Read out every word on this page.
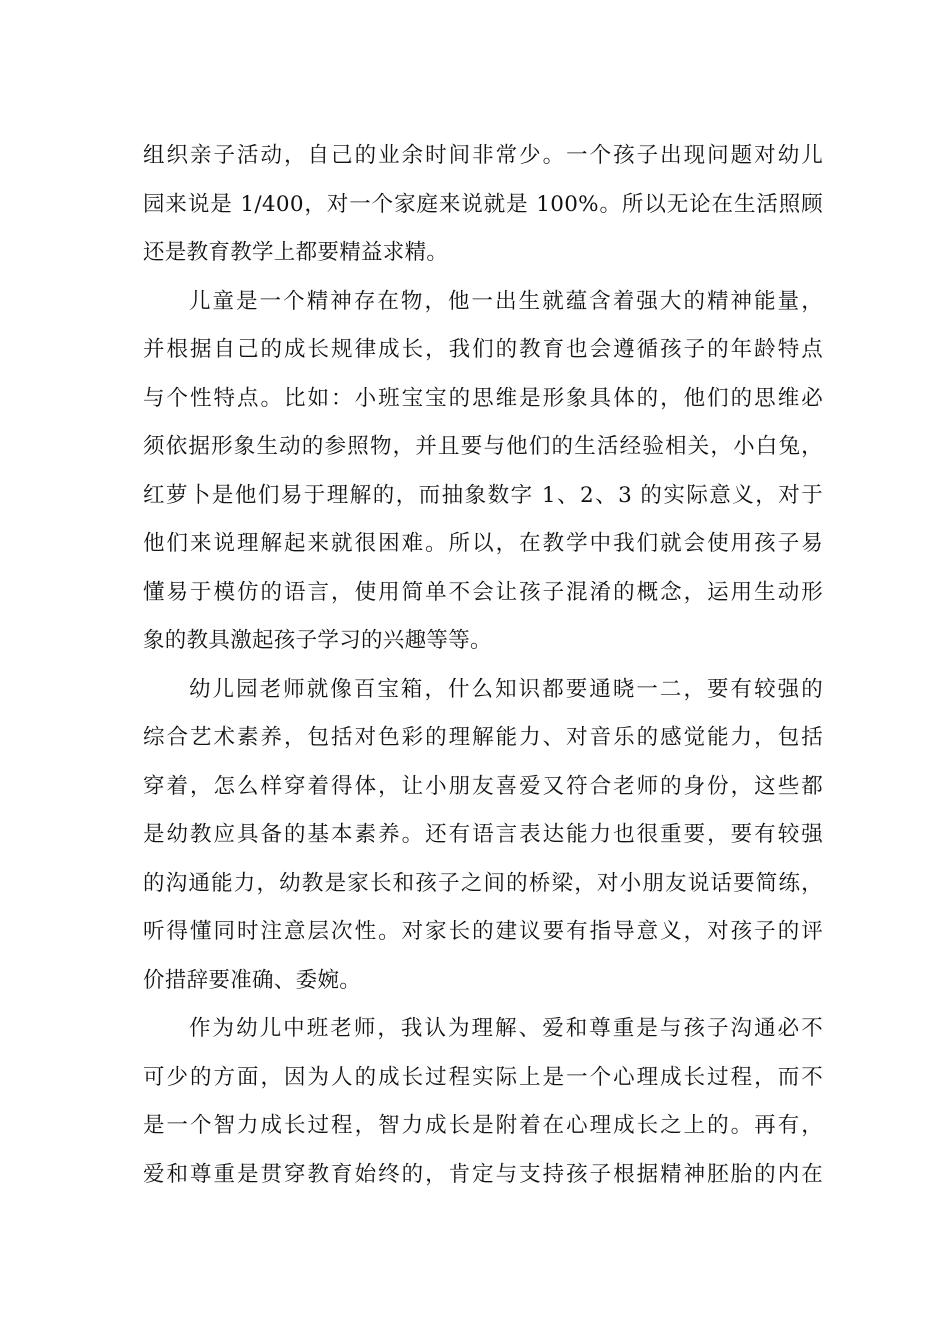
组织亲子活动，自己的业余时间非常少。一个孩子出现问题对幼儿
园来说是 1/400，对一个家庭来说就是 100%。所以无论在生活照顾
还是教育教学上都要精益求精。
儿童是一个精神存在物，他一出生就蕴含着强大的精神能量，
并根据自己的成长规律成长，我们的教育也会遵循孩子的年龄特点
与个性特点。比如：小班宝宝的思维是形象具体的，他们的思维必
须依据形象生动的参照物，并且要与他们的生活经验相关，小白兔，
红萝卜是他们易于理解的，而抽象数字 1、2、3 的实际意义，对于
他们来说理解起来就很困难。所以，在教学中我们就会使用孩子易
懂易于模仿的语言，使用简单不会让孩子混淆的概念，运用生动形
象的教具激起孩子学习的兴趣等等。
幼儿园老师就像百宝箱，什么知识都要通晓一二，要有较强的
综合艺术素养，包括对色彩的理解能力、对音乐的感觉能力，包括
穿着，怎么样穿着得体，让小朋友喜爱又符合老师的身份，这些都
是幼教应具备的基本素养。还有语言表达能力也很重要，要有较强
的沟通能力，幼教是家长和孩子之间的桥梁，对小朋友说话要简练，
听得懂同时注意层次性。对家长的建议要有指导意义，对孩子的评
价措辞要准确、委婉。
作为幼儿中班老师，我认为理解、爱和尊重是与孩子沟通必不
可少的方面，因为人的成长过程实际上是一个心理成长过程，而不
是一个智力成长过程，智力成长是附着在心理成长之上的。再有，
爱和尊重是贯穿教育始终的，肯定与支持孩子根据精神胚胎的内在
